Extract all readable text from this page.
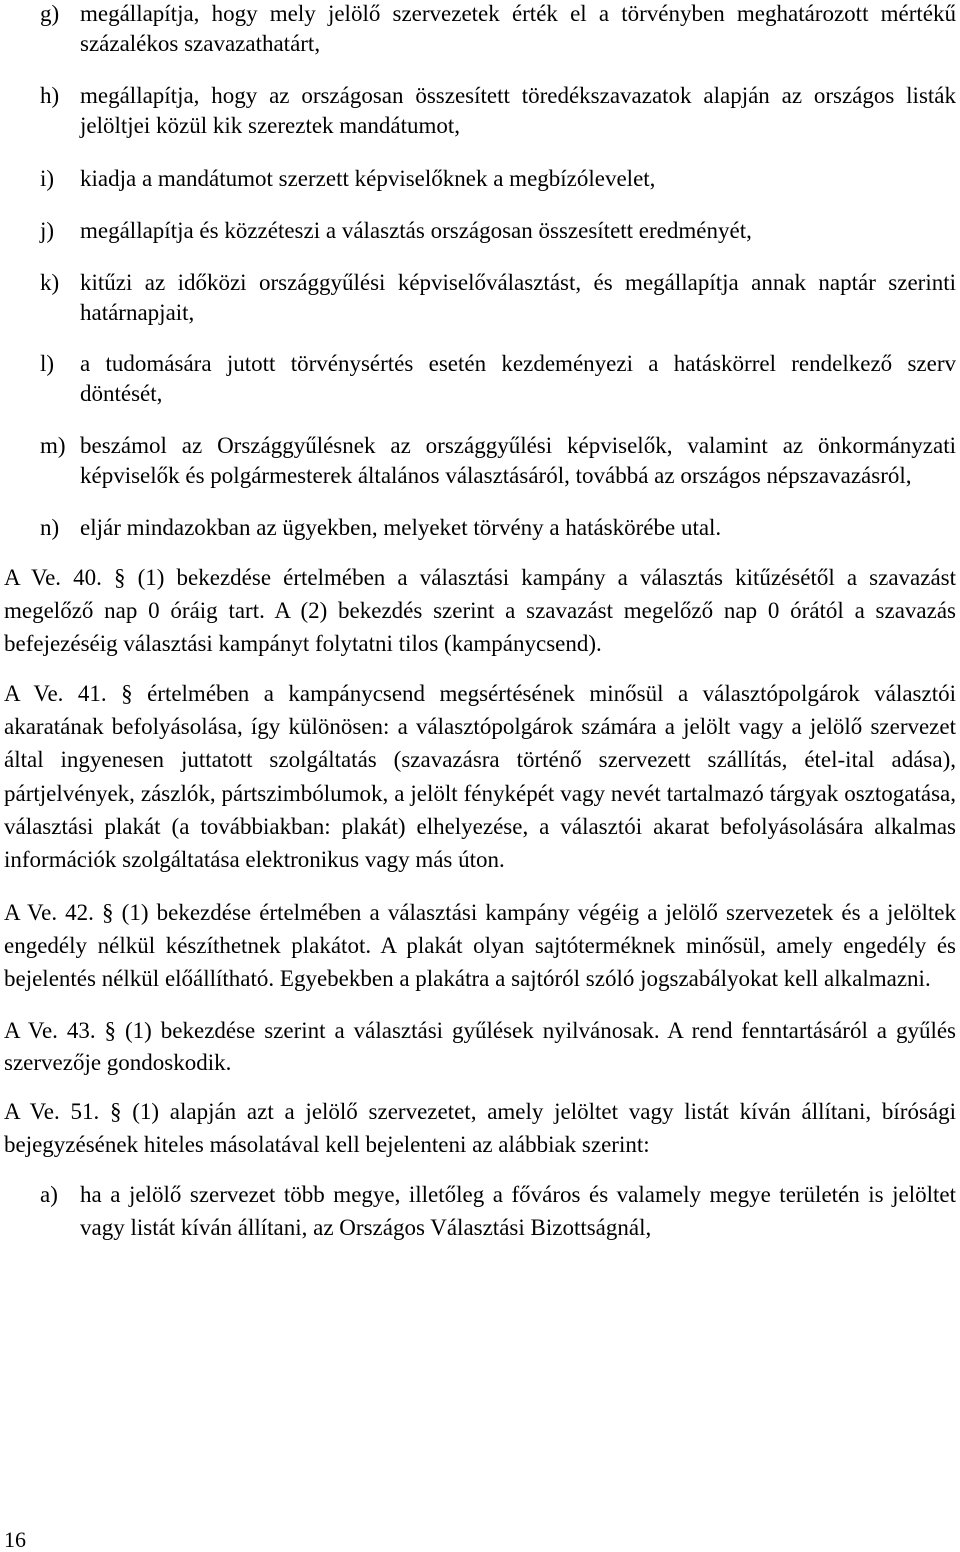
g) megállapítja, hogy mely jelölő szervezetek érték el a törvényben meghatározott mértékű százalékos szavazathatárt,
h) megállapítja, hogy az országosan összesített töredékszavazatok alapján az országos listák jelöltjei közül kik szereztek mandátumot,
i)	kiadja a mandátumot szerzett képviselőknek a megbízólevelet,
j)	megállapítja és közzéteszi a választás országosan összesített eredményét,
k) kitűzi az időközi országgyűlési képviselőválasztást, és megállapítja annak naptár szerinti határnapjait,
l)	a tudomására jutott törvénysértés esetén kezdeményezi a hatáskörrel rendelkező szerv döntését,
m) beszámol az Országgyűlésnek az országgyűlési képviselők, valamint az önkormányzati képviselők és polgármesterek általános választásáról, továbbá az országos népszavazásról,
n) eljár mindazokban az ügyekben, melyeket törvény a hatáskörébe utal.

A Ve. 40. § (1) bekezdése értelmében a választási kampány a választás kitűzésétől a szavazást megelőző nap 0 óráig tart. A (2) bekezdés szerint a szavazást megelőző nap 0 órától a szavazás befejezéséig választási kampányt folytatni tilos (kampánycsend).

A Ve. 41. § értelmében a kampánycsend megsértésének minősül a választópolgárok választói akaratának befolyásolása, így különösen: a választópolgárok számára a jelölt vagy a jelölő szervezet által ingyenesen juttatott szolgáltatás (szavazásra történő szervezett szállítás, étel-ital adása), pártjelvények, zászlók, pártszimbólumok, a jelölt fényképét vagy nevét tartalmazó tárgyak osztogatása, választási plakát (a továbbiakban: plakát) elhelyezése, a választói akarat befolyásolására alkalmas információk szolgáltatása elektronikus vagy más úton.

A Ve. 42. § (1) bekezdése értelmében a választási kampány végéig a jelölő szervezetek és a jelöltek engedély nélkül készíthetnek plakátot. A plakát olyan sajtóterméknek minősül, amely engedély és bejelentés nélkül előállítható. Egyebekben a plakátra a sajtóról szóló jogszabályokat kell alkalmazni.

A Ve. 43. § (1) bekezdése szerint a választási gyűlések nyilvánosak. A rend fenntartásáról a gyűlés szervezője gondoskodik.

A Ve. 51. § (1) alapján azt a jelölő szervezetet, amely jelöltet vagy listát kíván állítani, bírósági bejegyzésének hiteles másolatával kell bejelenteni az alábbiak szerint:

a) ha a jelölő szervezet több megye, illetőleg a főváros és valamely megye területén is jelöltet vagy listát kíván állítani, az Országos Választási Bizottságnál,
16
